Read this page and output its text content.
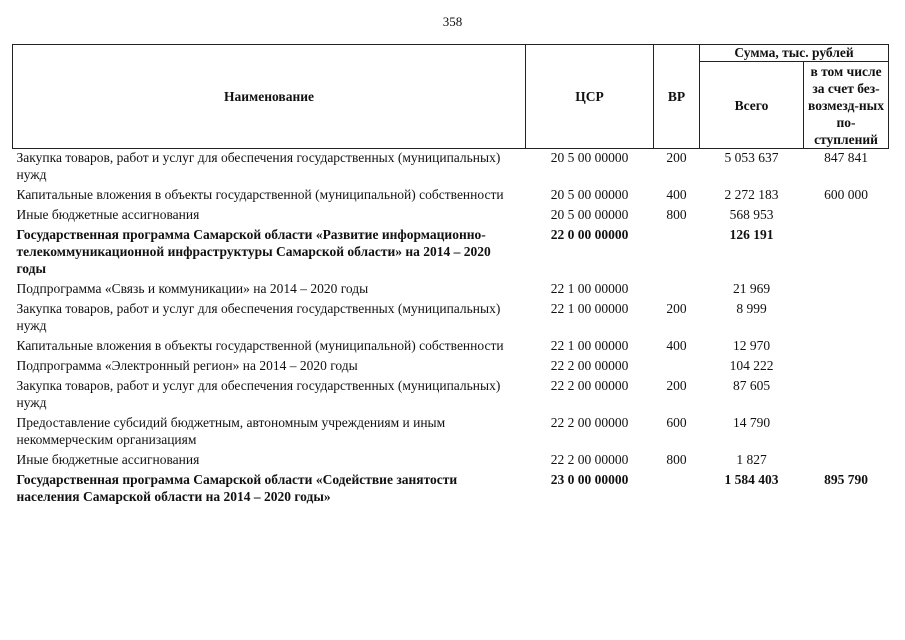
358
Наименование	ЦСР	ВР	Сумма, тыс. рублей	
			Всего	в том числе за счет без-возмезд-ных по-ступлений
Закупка товаров, работ и услуг для обеспечения государственных (муниципальных) нужд	20 5 00 00000	200	5 053 637	847 841
Капитальные вложения в объекты государственной (муниципальной) собственности	20 5 00 00000	400	2 272 183	600 000
Иные бюджетные ассигнования	20 5 00 00000	800	568 953	
Государственная программа Самарской области «Развитие информационно-телекоммуникационной инфраструктуры Самарской области» на 2014 – 2020 годы	22 0 00 00000		126 191	
Подпрограмма «Связь и коммуникации» на 2014 – 2020 годы	22 1 00 00000		21 969	
Закупка товаров, работ и услуг для обеспечения государственных (муниципальных) нужд	22 1 00 00000	200	8 999	
Капитальные вложения в объекты государственной (муниципальной) собственности	22 1 00 00000	400	12 970	
Подпрограмма «Электронный регион» на 2014 – 2020 годы	22 2 00 00000		104 222	
Закупка товаров, работ и услуг для обеспечения государственных (муниципальных) нужд	22 2 00 00000	200	87 605	
Предоставление субсидий бюджетным, автономным учреждениям и иным некоммерческим организациям	22 2 00 00000	600	14 790	
Иные бюджетные ассигнования	22 2 00 00000	800	1 827	
Государственная программа Самарской области «Содействие занятости населения Самарской области на 2014 – 2020 годы»	23 0 00 00000		1 584 403	895 790
